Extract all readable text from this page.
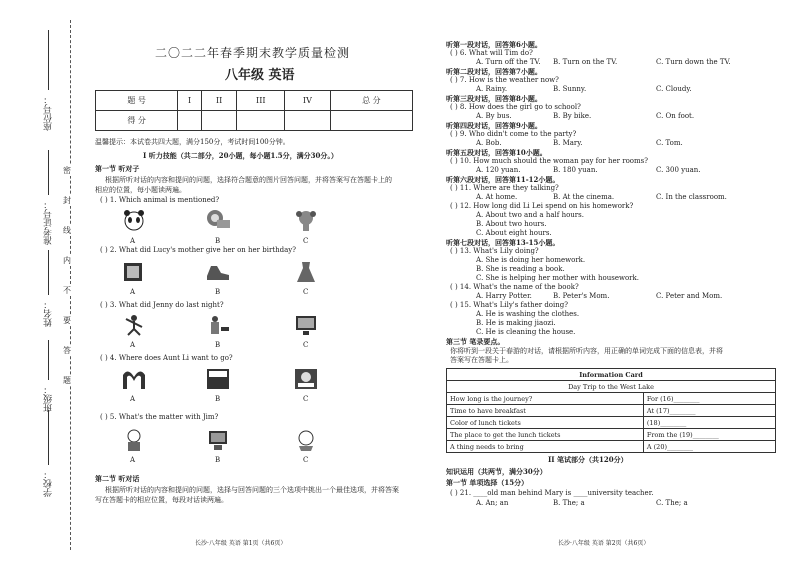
座位号：
准考证号：
姓名：
班级：
学校：
密
封
线
内
不
要
答
题
二〇二二年春季期末教学质量检测
八年级 英语
题 号	I	II	III	IV	总 分
得 分					
温馨提示：本试卷共四大题，满分150分，考试时间100分钟。
I 听力技能（共二部分，20小题，每小题1.5分，满分30分。）
第一节 听对子
根据所听对话的内容和提问的问题，选择符合题意的图片回答问题，并将答案写在答题卡上的
相应的位置，每小题读两遍。
( ) 1. Which animal is mentioned?
A	B	C
( ) 2. What did Lucy's mother give her on her birthday?
A	B	C
( ) 3. What did Jenny do last night?
A	B	C
( ) 4. Where does Aunt Li want to go?
A	B	C
( ) 5. What's the matter with Jim?
A	B	C
第二节 听对话
根据所听对话的内容和提问的问题，选择与回答问题的三个选项中挑出一个最佳选项，并将答案
写在答题卡的相应位置，每段对话读两遍。
长沙·八年级 英语 第1页（共6页）
听第一段对话，回答第6小题。
( ) 6. What will Tim do?
A. Turn off the TV. B. Turn on the TV.	C. Turn down the TV.
听第二段对话，回答第7小题。
( ) 7. How is the weather now?
A. Rainy.	B. Sunny.	C. Cloudy.
听第三段对话，回答第8小题。
( ) 8. How does the girl go to school?
A. By bus.	B. By bike.	C. On foot.
听第四段对话，回答第9小题。
( ) 9. Who didn't come to the party?
A. Bob.	B. Mary.	C. Tom.
听第五段对话，回答第10小题。
( ) 10. How much should the woman pay for her rooms?
A. 120 yuan.	B. 180 yuan.	C. 300 yuan.
听第六段对话，回答第11-12小题。
( ) 11. Where are they talking?
A. At home.	B. At the cinema.	C. In the classroom.
( ) 12. How long did Li Lei spend on his homework?
A. About two and a half hours.
B. About two hours.
C. About eight hours.
听第七段对话，回答第13-15小题。
( ) 13. What's Lily doing?
A. She is doing her homework.
B. She is reading a book.
C. She is helping her mother with housework.
( ) 14. What's the name of the book?
A. Harry Potter.	B. Peter's Mom.	C. Peter and Mom.
( ) 15. What's Lily's father doing?
A. He is washing the clothes.
B. He is making jiaozi.
C. He is cleaning the house.
第三节 笔录要点。
你将听到一段关于春游的对话，请根据所听内容，用正确的单词完成下面的信息表，并将
答案写在答题卡上。
Information Card	
Day Trip to the West Lake	
How long is the journey?	For (16)________
Time to have breakfast	At (17)________
Color of lunch tickets	(18)________
The place to get the lunch tickets	From the (19)________
A thing needs to bring	A (20)________
II 笔试部分（共120分）
知识运用（共两节，满分30分）
第一节 单项选择（15分）
( ) 21. ____old man behind Mary is ____university teacher.
A. An; an	B. The; a	C. The; a
长沙·八年级 英语 第2页（共6页）
